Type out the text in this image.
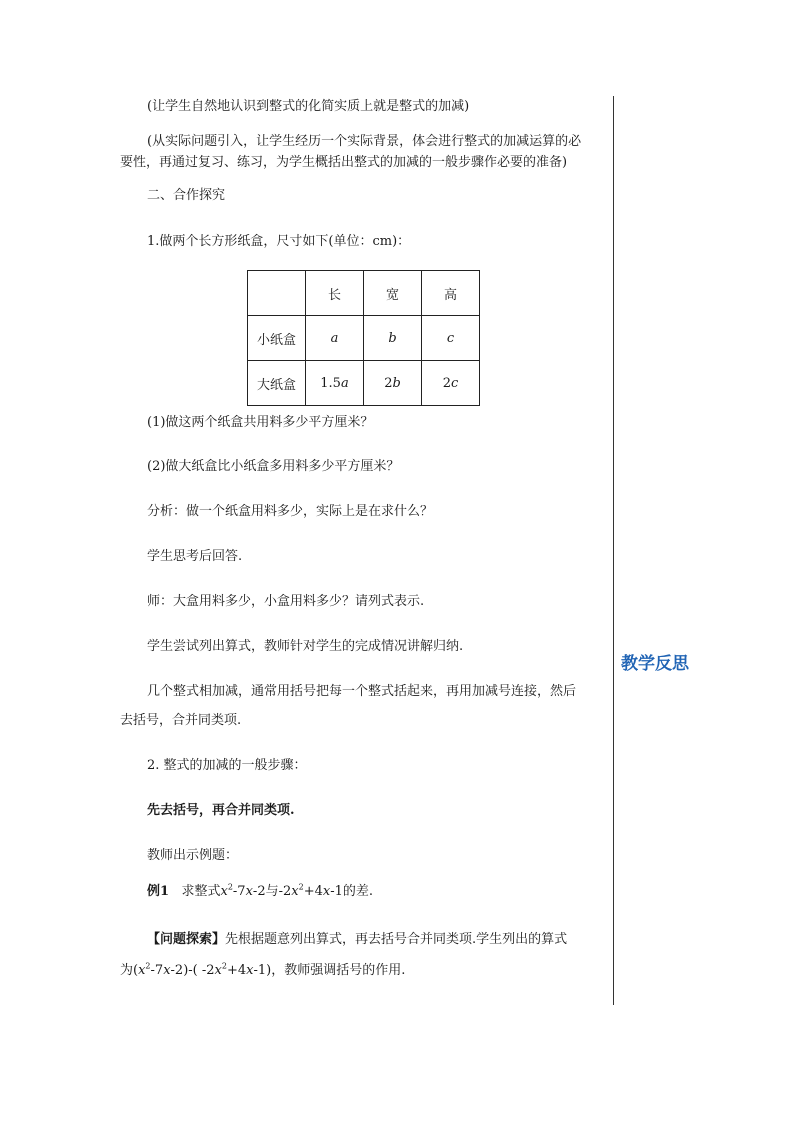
教学反思

(让学生自然地认识到整式的化简实质上就是整式的加减)

(从实际问题引入，让学生经历一个实际背景，体会进行整式的加减运算的必

要性，再通过复习、练习，为学生概括出整式的加减的一般步骤作必要的准备)

二、合作探究

1.做两个长方形纸盒，尺寸如下(单位：cm)：

	长	宽	高
小纸盒	a	b	c
大纸盒	1.5a	2b	2c

(1)做这两个纸盒共用料多少平方厘米？

(2)做大纸盒比小纸盒多用料多少平方厘米？

分析：做一个纸盒用料多少，实际上是在求什么？

学生思考后回答.

师：大盒用料多少，小盒用料多少？请列式表示.

学生尝试列出算式，教师针对学生的完成情况讲解归纳.

几个整式相加减，通常用括号把每一个整式括起来，再用加减号连接，然后

去括号，合并同类项.

2. 整式的加减的一般步骤：

先去括号，再合并同类项.

教师出示例题：

例1 求整式$x^2-7x-2$与$-2x^2+4x-1$的差.

【问题探索】先根据题意列出算式，再去括号合并同类项.学生列出的算式

为$(x^2-7x-2)-$( $-2x^2+4x-1$)，教师强调括号的作用.
